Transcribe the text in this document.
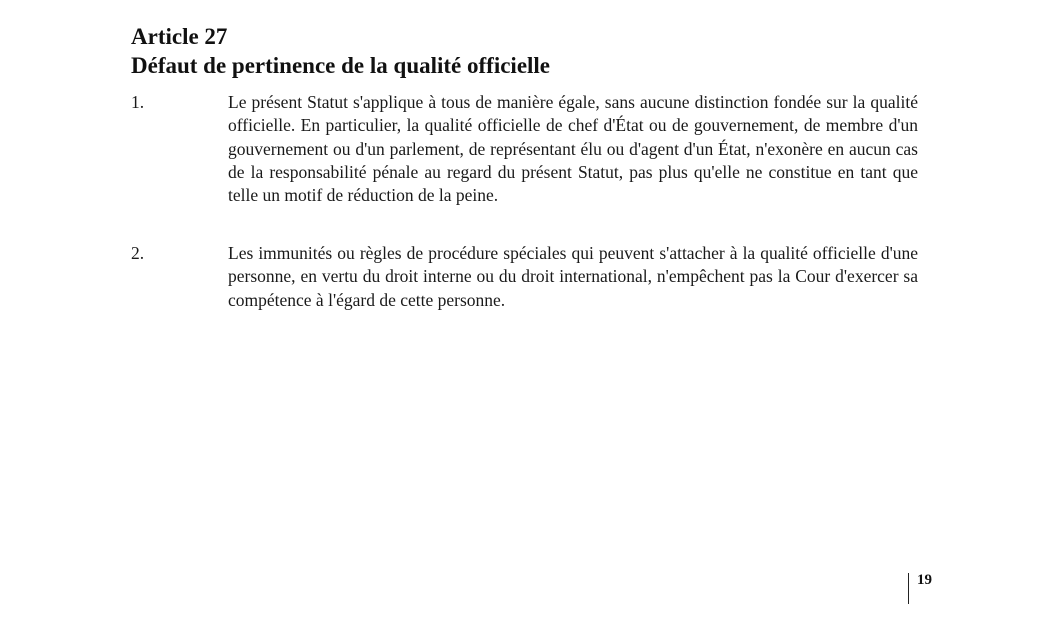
Article 27
Défaut de pertinence de la qualité officielle
1.	Le présent Statut s'applique à tous de manière égale, sans aucune distinction fondée sur la qualité officielle. En particulier, la qualité officielle de chef d'État ou de gouvernement, de membre d'un gouvernement ou d'un parlement, de représentant élu ou d'agent d'un État, n'exonère en aucun cas de la responsabilité pénale au regard du présent Statut, pas plus qu'elle ne constitue en tant que telle un motif de réduction de la peine.
2.	Les immunités ou règles de procédure spéciales qui peuvent s'attacher à la qualité officielle d'une personne, en vertu du droit interne ou du droit international, n'empêchent pas la Cour d'exercer sa compétence à l'égard de cette personne.
19
